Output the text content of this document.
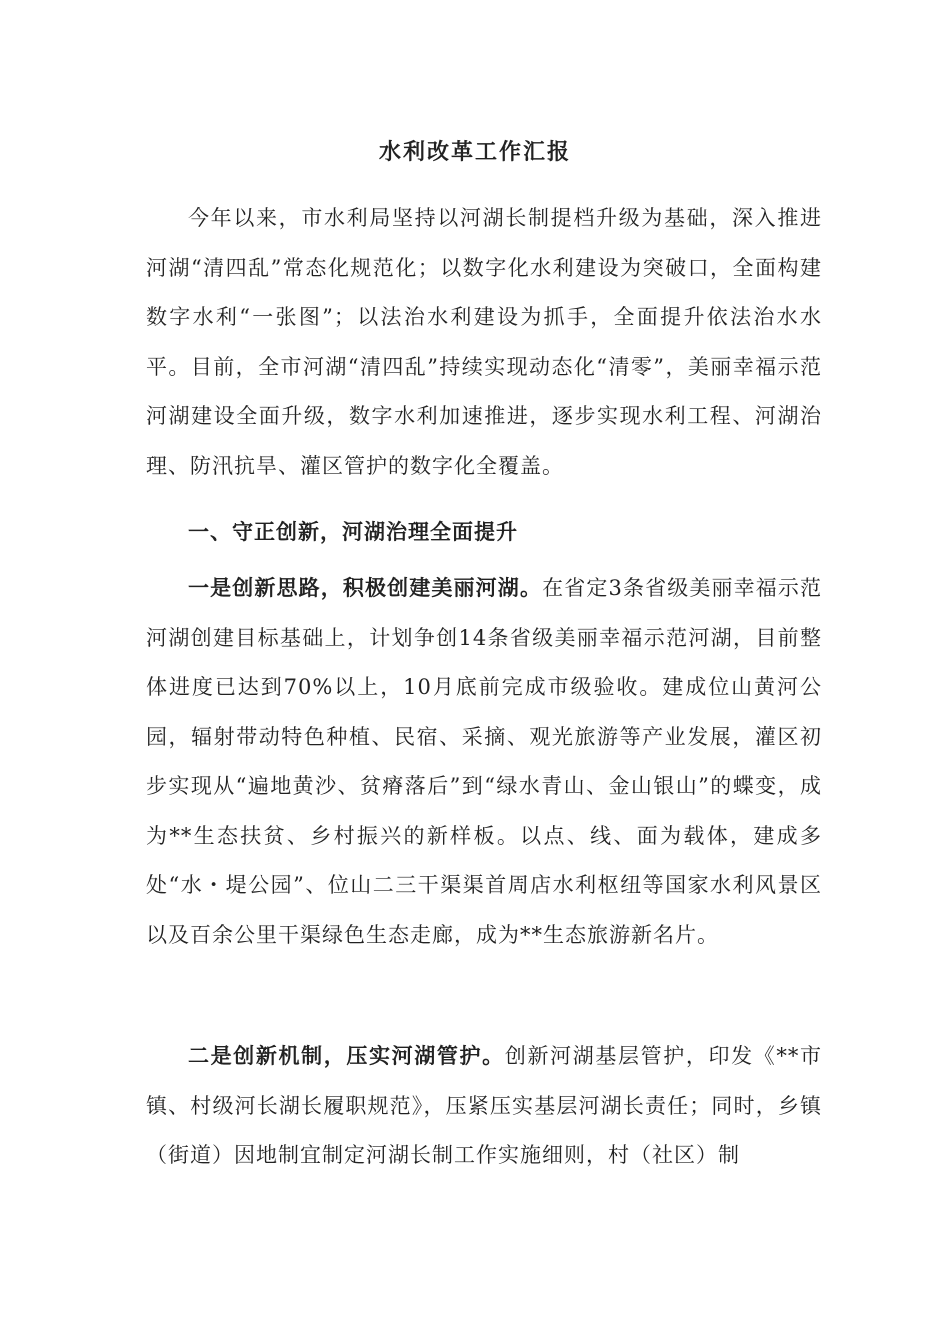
水利改革工作汇报

今年以来，市水利局坚持以河湖长制提档升级为基础，深入推进河湖“清四乱”常态化规范化；以数字化水利建设为突破口，全面构建数字水利“一张图”；以法治水利建设为抓手，全面提升依法治水水平。目前，全市河湖“清四乱”持续实现动态化“清零”，美丽幸福示范河湖建设全面升级，数字水利加速推进，逐步实现水利工程、河湖治理、防汛抗旱、灌区管护的数字化全覆盖。

一、守正创新，河湖治理全面提升

一是创新思路，积极创建美丽河湖。在省定3条省级美丽幸福示范河湖创建目标基础上，计划争创14条省级美丽幸福示范河湖，目前整体进度已达到70%以上，10月底前完成市级验收。建成位山黄河公园，辐射带动特色种植、民宿、采摘、观光旅游等产业发展，灌区初步实现从“遍地黄沙、贫瘠落后”到“绿水青山、金山银山”的蝶变，成为**生态扶贫、乡村振兴的新样板。以点、线、面为载体，建成多处“水・堤公园”、位山二三干渠渠首周店水利枢纽等国家水利风景区以及百余公里干渠绿色生态走廊，成为**生态旅游新名片。

二是创新机制，压实河湖管护。创新河湖基层管护，印发《**市镇、村级河长湖长履职规范》，压紧压实基层河湖长责任；同时，乡镇（街道）因地制宜制定河湖长制工作实施细则，村（社区）制
